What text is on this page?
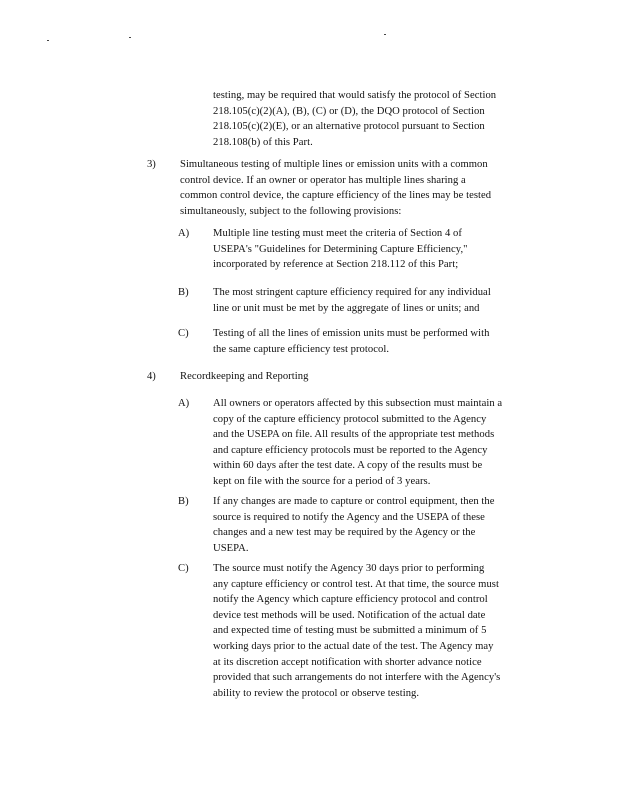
testing, may be required that would satisfy the protocol of Section
218.105(c)(2)(A), (B), (C) or (D), the DQO protocol of Section
218.105(c)(2)(E), or an alternative protocol pursuant to Section
218.108(b) of this Part.
3) Simultaneous testing of multiple lines or emission units with a common
control device. If an owner or operator has multiple lines sharing a
common control device, the capture efficiency of the lines may be tested
simultaneously, subject to the following provisions:
A) Multiple line testing must meet the criteria of Section 4 of
USEPA's "Guidelines for Determining Capture Efficiency,"
incorporated by reference at Section 218.112 of this Part;
B) The most stringent capture efficiency required for any individual
line or unit must be met by the aggregate of lines or units; and
C) Testing of all the lines of emission units must be performed with
the same capture efficiency test protocol.
4) Recordkeeping and Reporting
A) All owners or operators affected by this subsection must maintain a
copy of the capture efficiency protocol submitted to the Agency
and the USEPA on file. All results of the appropriate test methods
and capture efficiency protocols must be reported to the Agency
within 60 days after the test date. A copy of the results must be
kept on file with the source for a period of 3 years.
B) If any changes are made to capture or control equipment, then the
source is required to notify the Agency and the USEPA of these
changes and a new test may be required by the Agency or the
USEPA.
C) The source must notify the Agency 30 days prior to performing
any capture efficiency or control test. At that time, the source must
notify the Agency which capture efficiency protocol and control
device test methods will be used. Notification of the actual date
and expected time of testing must be submitted a minimum of 5
working days prior to the actual date of the test. The Agency may
at its discretion accept notification with shorter advance notice
provided that such arrangements do not interfere with the Agency's
ability to review the protocol or observe testing.
